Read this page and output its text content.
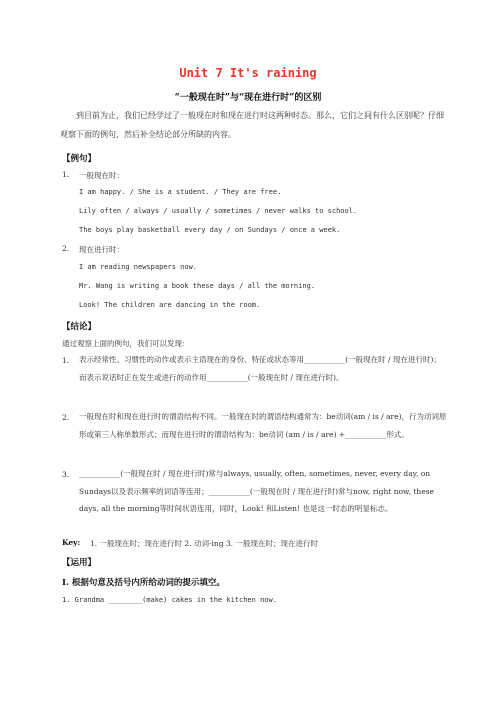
Unit 7 It's raining
“一般现在时”与“现在进行时”的区别
到目前为止，我们已经学过了一般现在时和现在进行时这两种时态。那么，它们之间有什么区别呢？仔细观察下面的例句，然后补全结论部分所缺的内容。
【例句】
1. 一般现在时：
I am happy. / She is a student. / They are free.
Lily often / always / usually / sometimes / never walks to school.
The boys play basketball every day / on Sundays / once a week.
2. 现在进行时：
I am reading newspapers now.
Mr. Wang is writing a book these days / all the morning.
Look! The children are dancing in the room.
【结论】
通过观察上面的例句，我们可以发现：
1. 表示经常性、习惯性的动作或表示主语现在的身份、特征或状态等用___________(一般现在时 / 现在进行时)；而表示说话时正在发生或进行的动作用___________(一般现在时 / 现在进行时)。
2. 一般现在时和现在进行时的谓语结构不同。一般现在时的谓语结构通常为：be动词(am / is / are)，行为动词原形或第三人称单数形式；而现在进行时的谓语结构为：be动词 (am / is / are) +___________形式。
3. ___________(一般现在时 / 现在进行时)常与always, usually, often, sometimes, never, every day, on Sundays以及表示频率的词语等连用；___________(一般现在时 / 现在进行时)常与now, right now, these days, all the morning等时间状语连用，同时，Look! 和Listen! 也是这一时态的明显标志。
Key: 1. 一般现在时；现在进行时 2. 动词-ing 3. 一般现在时；现在进行时
【运用】
Ⅰ. 根据句意及括号内所给动词的提示填空。
1. Grandma ________(make) cakes in the kitchen now.
